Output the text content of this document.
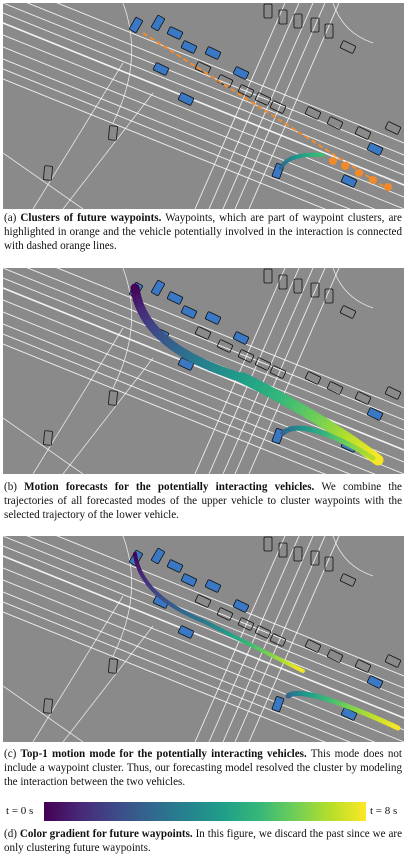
(a) Clusters of future waypoints. Waypoints, which are part of waypoint clusters, are highlighted in orange and the vehicle potentially involved in the interaction is connected with dashed orange lines.
(b) Motion forecasts for the potentially interacting vehicles. We combine the trajectories of all forecasted modes of the upper vehicle to cluster waypoints with the selected trajectory of the lower vehicle.
(c) Top-1 motion mode for the potentially interacting vehicles. This mode does not include a waypoint cluster. Thus, our forecasting model resolved the cluster by modeling the interaction between the two vehicles.
t = 0 s	t = 8 s
(d) Color gradient for future waypoints. In this figure, we discard the past since we are only clustering future waypoints.
